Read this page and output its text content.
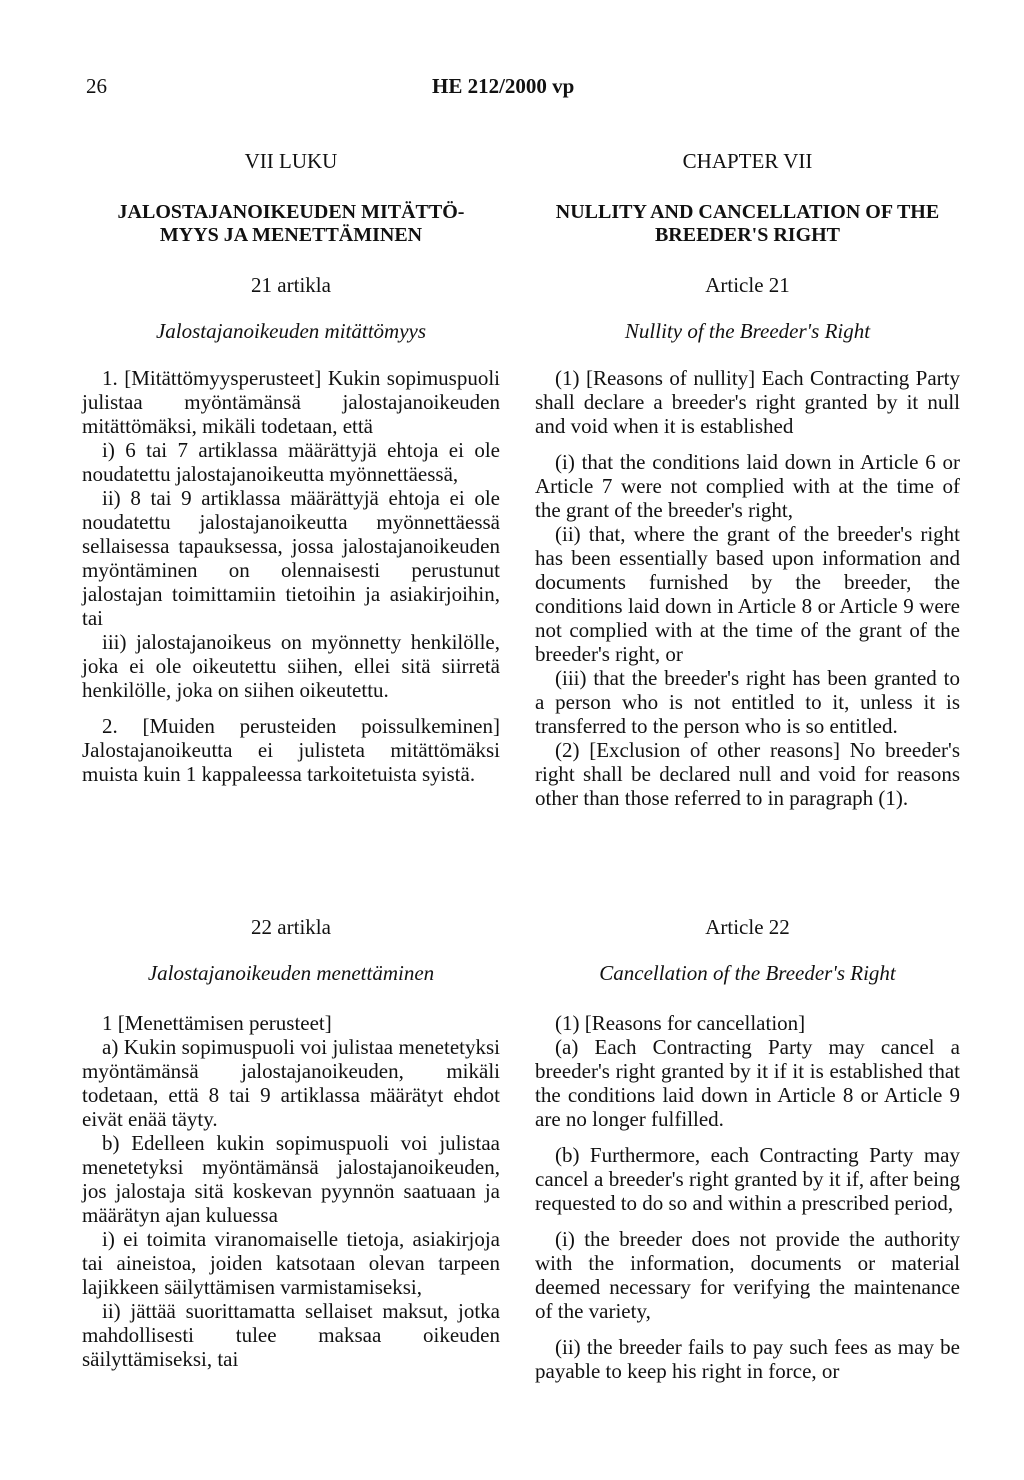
26	HE 212/2000 vp
VII LUKU
JALOSTAJANOIKEUDEN MITÄTTÖ-MYYS JA MENETTÄMINEN
21 artikla
Jalostajanoikeuden mitättömyys

1. [Mitättömyysperusteet] Kukin sopimuspuoli julistaa myöntämänsä jalostajanoikeuden mitättömäksi, mikäli todetaan, että

i) 6 tai 7 artiklassa määrättyjä ehtoja ei ole noudatettu jalostajanoikeutta myönnettäessä,

ii) 8 tai 9 artiklassa määrättyjä ehtoja ei ole noudatettu jalostajanoikeutta myönnettäessä sellaisessa tapauksessa, jossa jalostajanoikeuden myöntäminen on olennaisesti perustunut jalostajan toimittamiin tietoihin ja asiakirjoihin, tai

iii) jalostajanoikeus on myönnetty henkilölle, joka ei ole oikeutettu siihen, ellei sitä siirretä henkilölle, joka on siihen oikeutettu.

2. [Muiden perusteiden poissulkeminen] Jalostajanoikeutta ei julisteta mitättömäksi muista kuin 1 kappaleessa tarkoitetuista syistä.

22 artikla
Jalostajanoikeuden menettäminen

1 [Menettämisen perusteet]

a) Kukin sopimuspuoli voi julistaa menetetyksi myöntämänsä jalostajanoikeuden, mikäli todetaan, että 8 tai 9 artiklassa määrätyt ehdot eivät enää täyty.

b) Edelleen kukin sopimuspuoli voi julistaa menetetyksi myöntämänsä jalostajanoikeuden, jos jalostaja sitä koskevan pyynnön saatuaan ja määrätyn ajan kuluessa

i) ei toimita viranomaiselle tietoja, asiakirjoja tai aineistoa, joiden katsotaan olevan tarpeen lajikkeen säilyttämisen varmistamiseksi,

ii) jättää suorittamatta sellaiset maksut, jotka mahdollisesti tulee maksaa oikeuden säilyttämiseksi, tai

CHAPTER VII
NULLITY AND CANCELLATION OF THE BREEDER'S RIGHT
Article 21
Nullity of the Breeder's Right

(1) [Reasons of nullity] Each Contracting Party shall declare a breeder's right granted by it null and void when it is established

(i) that the conditions laid down in Article 6 or Article 7 were not complied with at the time of the grant of the breeder's right,

(ii) that, where the grant of the breeder's right has been essentially based upon information and documents furnished by the breeder, the conditions laid down in Article 8 or Article 9 were not complied with at the time of the grant of the breeder's right, or

(iii) that the breeder's right has been granted to a person who is not entitled to it, unless it is transferred to the person who is so entitled.

(2) [Exclusion of other reasons] No breeder's right shall be declared null and void for reasons other than those referred to in paragraph (1).

Article 22
Cancellation of the Breeder's Right

(1) [Reasons for cancellation]

(a) Each Contracting Party may cancel a breeder's right granted by it if it is established that the conditions laid down in Article 8 or Article 9 are no longer fulfilled.

(b) Furthermore, each Contracting Party may cancel a breeder's right granted by it if, after being requested to do so and within a prescribed period,

(i) the breeder does not provide the authority with the information, documents or material deemed necessary for verifying the maintenance of the variety,

(ii) the breeder fails to pay such fees as may be payable to keep his right in force, or
